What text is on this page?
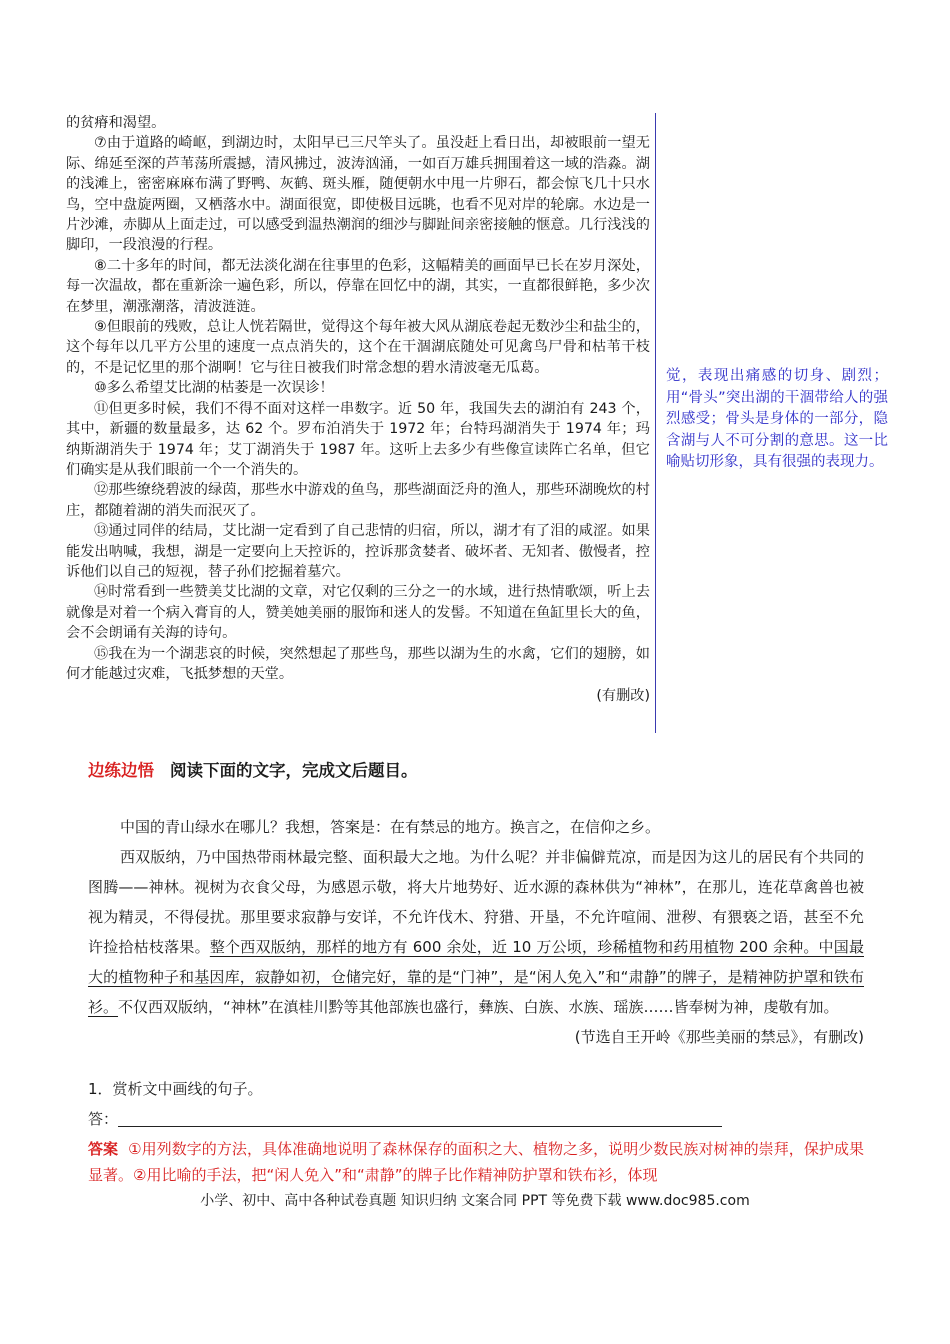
的贫瘠和渴望。

⑦由于道路的崎岖，到湖边时，太阳早已三尺竿头了。虽没赶上看日出，却被眼前一望无际、绵延至深的芦苇荡所震撼，清风拂过，波涛汹涌，一如百万雄兵拥围着这一域的浩淼。湖的浅滩上，密密麻麻布满了野鸭、灰鹤、斑头雁，随便朝水中甩一片卵石，都会惊飞几十只水鸟，空中盘旋两圈，又栖落水中。湖面很宽，即使极目远眺，也看不见对岸的轮廓。水边是一片沙滩，赤脚从上面走过，可以感受到温热潮润的细沙与脚趾间亲密接触的惬意。几行浅浅的脚印，一段浪漫的行程。

⑧二十多年的时间，都无法淡化湖在往事里的色彩，这幅精美的画面早已长在岁月深处，每一次温故，都在重新涂一遍色彩，所以，停靠在回忆中的湖，其实，一直都很鲜艳，多少次在梦里，潮涨潮落，清波涟涟。

⑨但眼前的残败，总让人恍若隔世，觉得这个每年被大风从湖底卷起无数沙尘和盐尘的，这个每年以几平方公里的速度一点点消失的，这个在干涸湖底随处可见禽鸟尸骨和枯苇干枝的，不是记忆里的那个湖啊！它与往日被我们时常念想的碧水清波毫无瓜葛。

⑩多么希望艾比湖的枯萎是一次误诊！

⑪但更多时候，我们不得不面对这样一串数字。近 50 年，我国失去的湖泊有 243 个，其中，新疆的数量最多，达 62 个。罗布泊消失于 1972 年；台特玛湖消失于 1974 年；玛纳斯湖消失于 1974 年；艾丁湖消失于 1987 年。这听上去多少有些像宣读阵亡名单，但它们确实是从我们眼前一个一个消失的。

⑫那些缭绕碧波的绿茵，那些水中游戏的鱼鸟，那些湖面泛舟的渔人，那些环湖晚炊的村庄，都随着湖的消失而泯灭了。

⑬通过同伴的结局，艾比湖一定看到了自己悲情的归宿，所以，湖才有了泪的咸涩。如果能发出呐喊，我想，湖是一定要向上天控诉的，控诉那贪婪者、破坏者、无知者、傲慢者，控诉他们以自己的短视，替子孙们挖掘着墓穴。

⑭时常看到一些赞美艾比湖的文章，对它仅剩的三分之一的水域，进行热情歌颂，听上去就像是对着一个病入膏肓的人，赞美她美丽的服饰和迷人的发髻。不知道在鱼缸里长大的鱼，会不会朗诵有关海的诗句。

⑮我在为一个湖悲哀的时候，突然想起了那些鸟，那些以湖为生的水禽，它们的翅膀，如何才能越过灾难，飞抵梦想的天堂。

(有删改)

觉，表现出痛感的切身、剧烈；用“骨头”突出湖的干涸带给人的强烈感受；骨头是身体的一部分，隐含湖与人不可分割的意思。这一比喻贴切形象，具有很强的表现力。
边练边悟 阅读下面的文字，完成文后题目。

中国的青山绿水在哪儿？我想，答案是：在有禁忌的地方。换言之，在信仰之乡。

西双版纳，乃中国热带雨林最完整、面积最大之地。为什么呢？并非偏僻荒凉，而是因为这儿的居民有个共同的图腾——神林。视树为衣食父母，为感恩示敬，将大片地势好、近水源的森林供为“神林”，在那儿，连花草禽兽也被视为精灵，不得侵扰。那里要求寂静与安详，不允许伐木、狩猎、开垦，不允许喧闹、泄秽、有猥亵之语，甚至不允许捡拾枯枝落果。整个西双版纳，那样的地方有 600 余处，近 10 万公顷，珍稀植物和药用植物 200 余种。中国最大的植物种子和基因库，寂静如初，仓储完好，靠的是“门神”，是“闲人免入”和“肃静”的牌子，是精神防护罩和铁布衫。不仅西双版纳，“神林”在滇桂川黔等其他部族也盛行，彝族、白族、水族、瑶族……皆奉树为神，虔敬有加。

(节选自王开岭《那些美丽的禁忌》，有删改)

1．赏析文中画线的句子。
答：
答案 ①用列数字的方法，具体准确地说明了森林保存的面积之大、植物之多，说明少数民族对树神的崇拜，保护成果显著。②用比喻的手法，把“闲人免入”和“肃静”的牌子比作精神防护罩和铁布衫，体现
小学、初中、高中各种试卷真题 知识归纳 文案合同 PPT 等免费下载 www.doc985.com
